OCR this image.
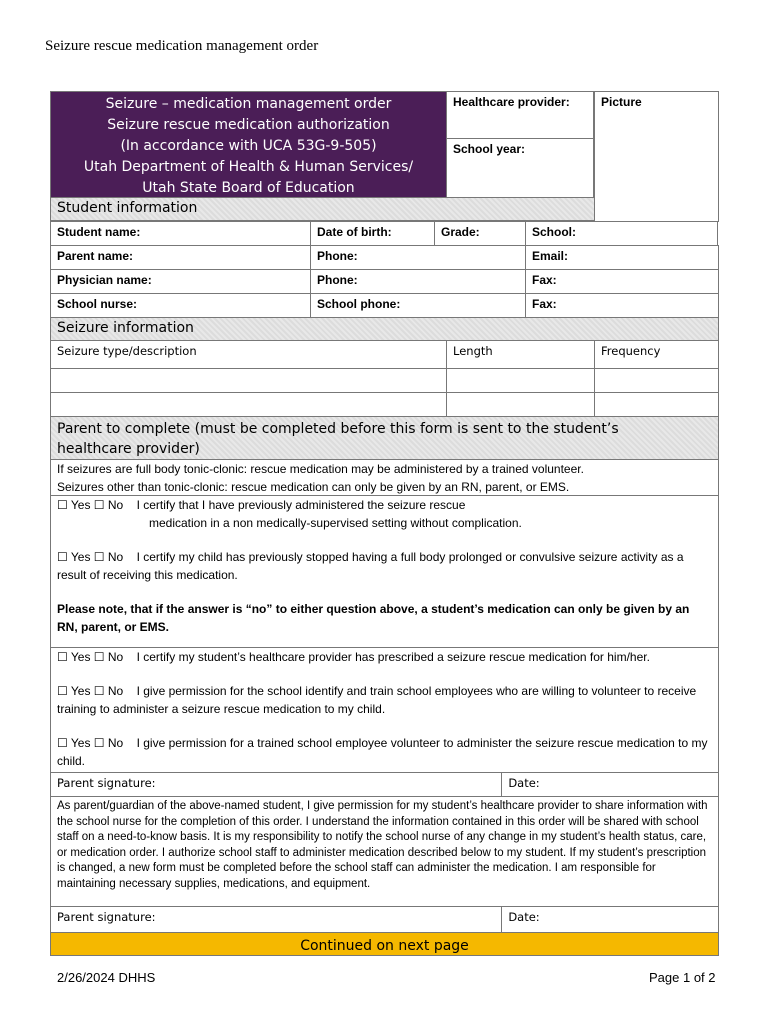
Seizure rescue medication management order
Seizure – medication management order
Seizure rescue medication authorization
(In accordance with UCA 53G-9-505)
Utah Department of Health & Human Services/
Utah State Board of Education
Healthcare provider:
School year:
Student information
Picture
Student name:	Date of birth:	Grade:	School:
Parent name:	Phone:	Email:
Physician name:	Phone:	Fax:
School nurse:	School phone:	Fax:
Seizure information
Seizure type/description	Length	Frequency
Parent to complete (must be completed before this form is sent to the student’s
healthcare provider)
If seizures are full body tonic-clonic: rescue medication may be administered by a trained volunteer.
Seizures other than tonic-clonic: rescue medication can only be given by an RN, parent, or EMS.

☐ Yes ☐ No I certify that I have previously administered the seizure rescue
medication in a non medically-supervised setting without complication.

☐ Yes ☐ No I certify my child has previously stopped having a full body prolonged or convulsive seizure activity as a result of receiving this medication.

Please note, that if the answer is “no” to either question above, a student’s medication can only be given by an RN, parent, or EMS.

☐ Yes ☐ No I certify my student’s healthcare provider has prescribed a seizure rescue medication for him/her.

☐ Yes ☐ No I give permission for the school identify and train school employees who are willing to volunteer to receive training to administer a seizure rescue medication to my child.

☐ Yes ☐ No I give permission for a trained school employee volunteer to administer the seizure rescue medication to my child.

Parent signature:	Date:
As parent/guardian of the above-named student, I give permission for my student’s healthcare provider to share information with the school nurse for the completion of this order. I understand the information contained in this order will be shared with school staff on a need-to-know basis. It is my responsibility to notify the school nurse of any change in my student’s health status, care, or medication order. I authorize school staff to administer medication described below to my student. If my student’s prescription is changed, a new form must be completed before the school staff can administer the medication. I am responsible for maintaining necessary supplies, medications, and equipment.
Parent signature:	Date:
Continued on next page
2/26/2024 DHHS	Page 1 of 2
